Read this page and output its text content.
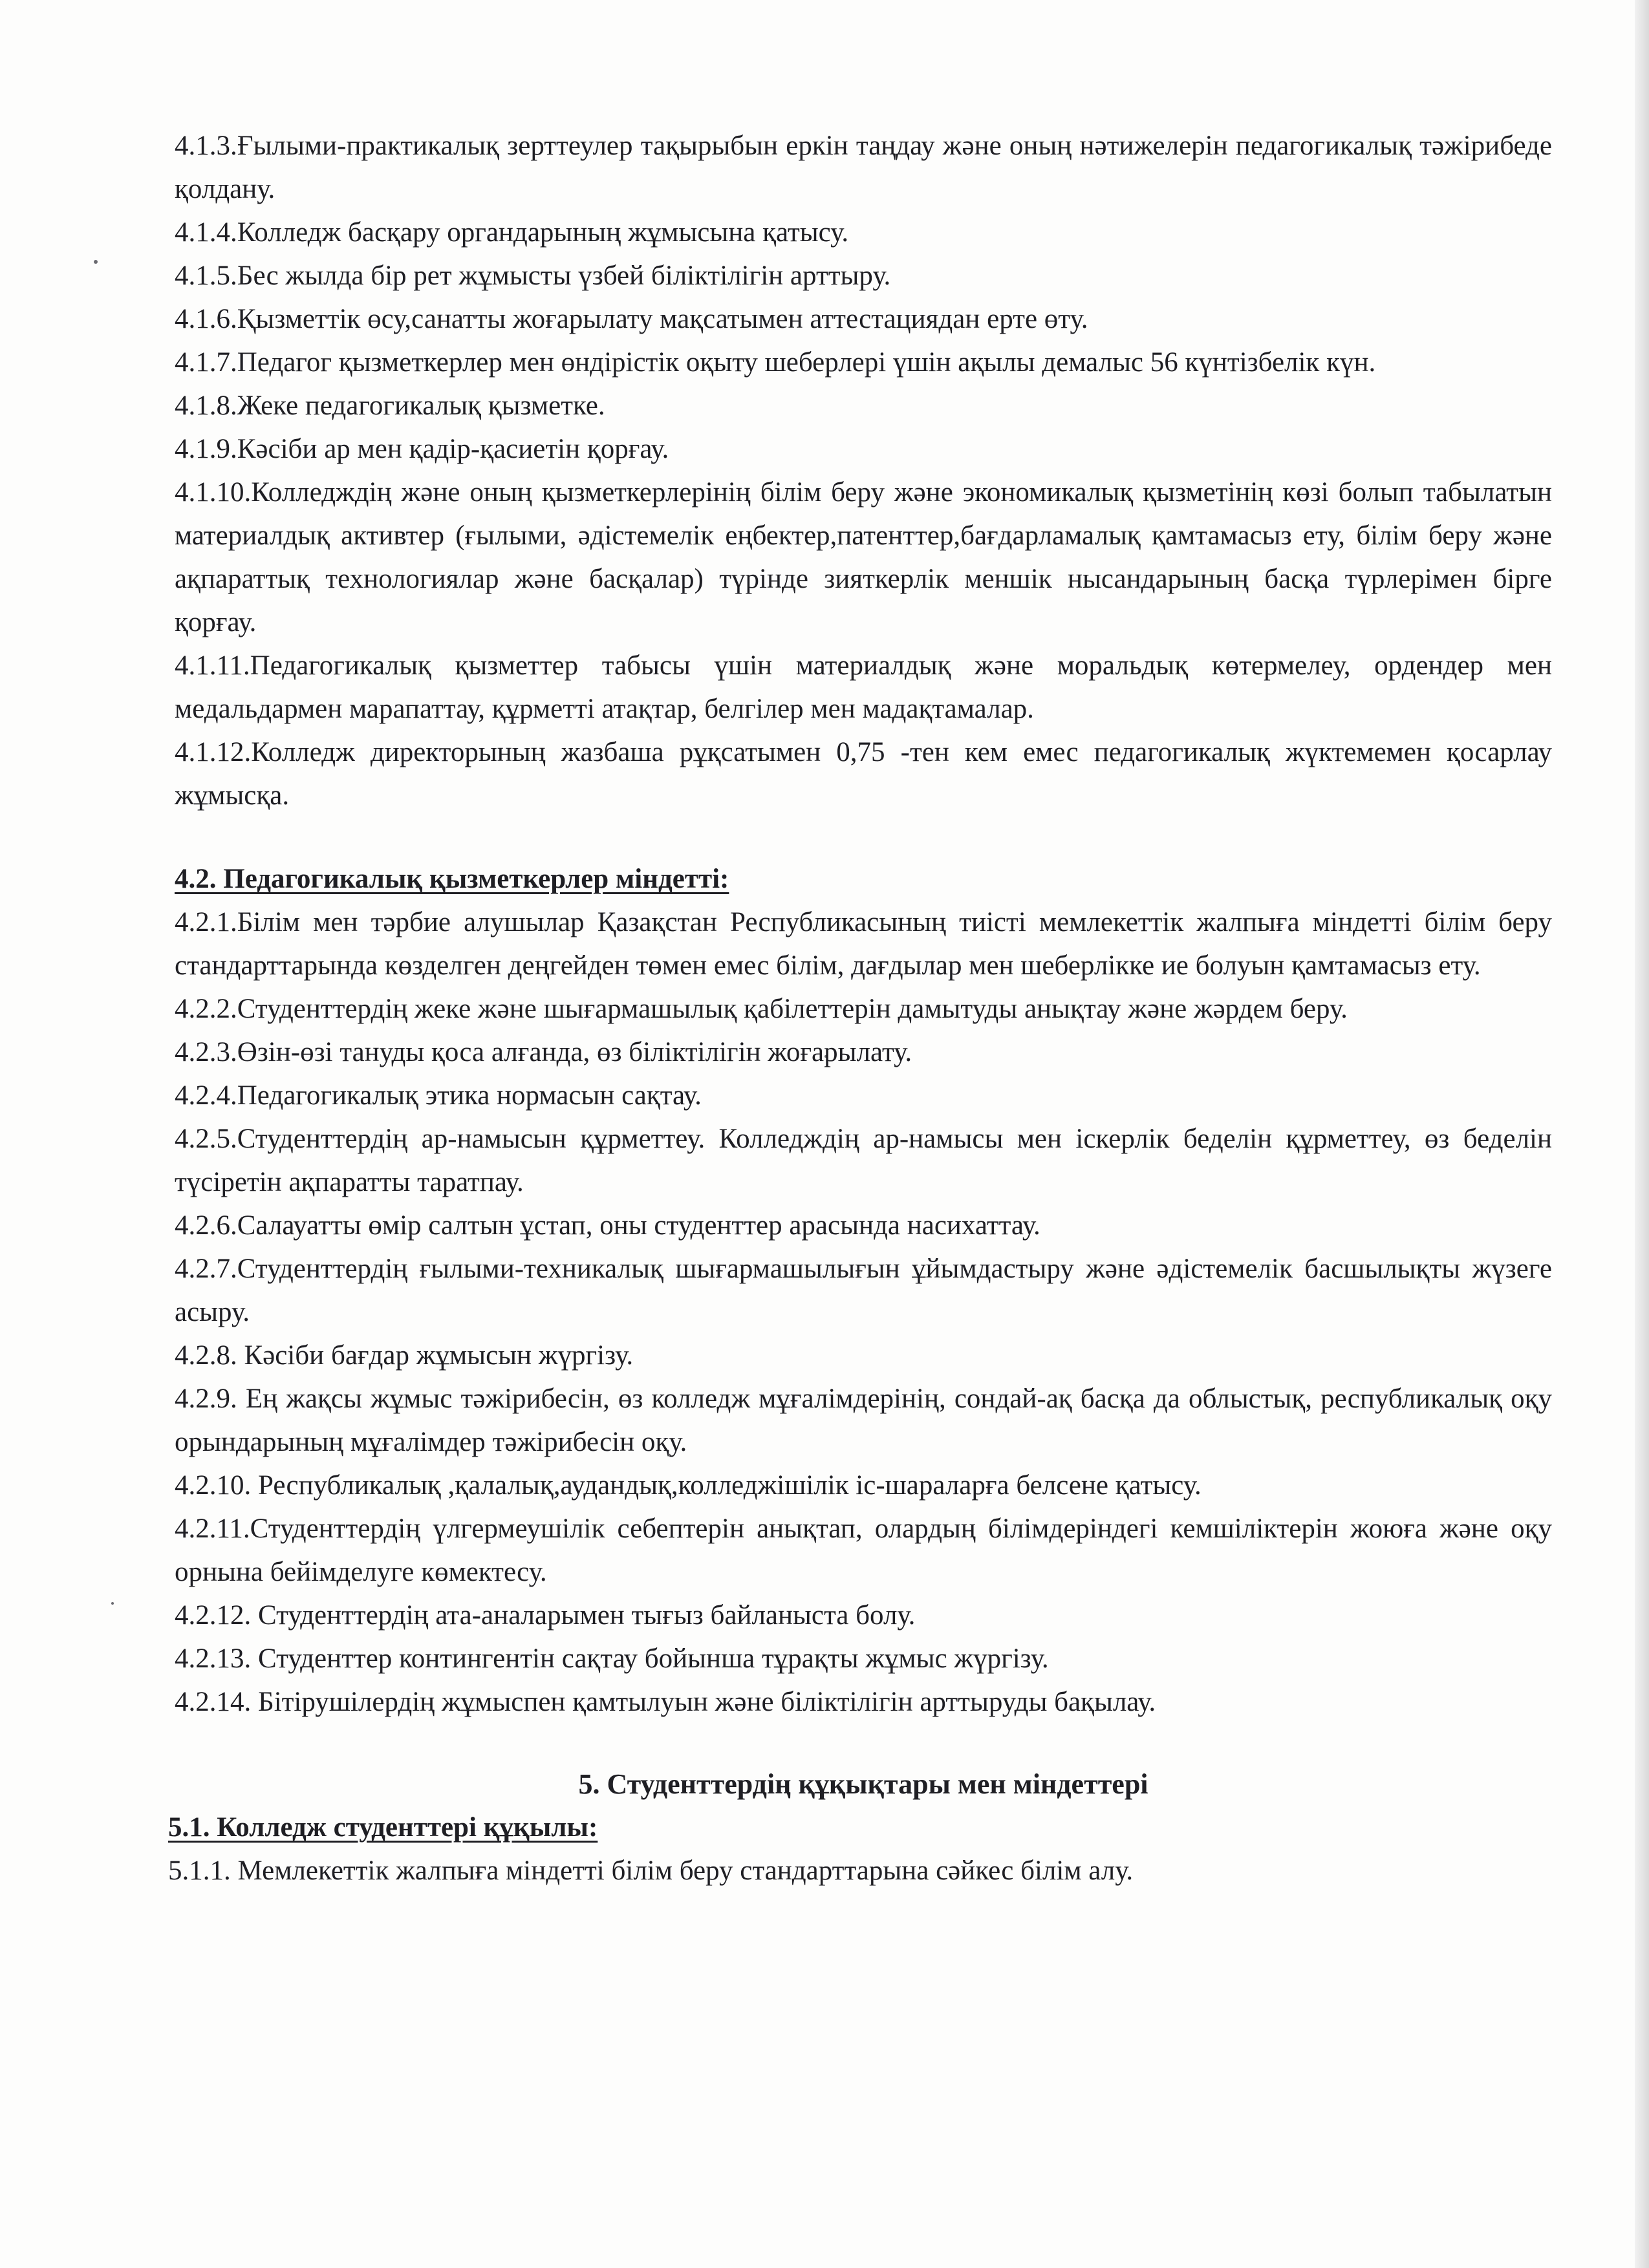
4.1.3.Ғылыми-практикалық зерттеулер тақырыбын еркін таңдау және оның нәтижелерін педагогикалық тәжірибеде қолдану.

4.1.4.Колледж басқару органдарының жұмысына қатысу.

4.1.5.Бес жылда бір рет жұмысты үзбей біліктілігін арттыру.

4.1.6.Қызметтік өсу,санатты жоғарылату мақсатымен аттестациядан ерте өту.

4.1.7.Педагог қызметкерлер мен өндірістік оқыту шеберлері үшін ақылы демалыс 56 күнтізбелік күн.

4.1.8.Жеке педагогикалық қызметке.

4.1.9.Кәсіби ар мен қадір-қасиетін қорғау.

4.1.10.Колледждің және оның қызметкерлерінің білім беру және экономикалық қызметінің көзі болып табылатын материалдық активтер (ғылыми, әдістемелік еңбектер,патенттер,бағдарламалық қамтамасыз ету, білім беру және ақпараттық технологиялар және басқалар) түрінде зияткерлік меншік нысандарының басқа түрлерімен бірге қорғау.

4.1.11.Педагогикалық қызметтер табысы үшін материалдық және моральдық көтермелеу, ордендер мен медальдармен марапаттау, құрметті атақтар, белгілер мен мадақтамалар.

4.1.12.Колледж директорының жазбаша рұқсатымен 0,75 -тен кем емес педагогикалық жүктемемен қосарлау жұмысқа.

4.2. Педагогикалық қызметкерлер міндетті:

4.2.1.Білім мен тәрбие алушылар Қазақстан Республикасының тиісті мемлекеттік жалпыға міндетті білім беру стандарттарында көзделген деңгейден төмен емес білім, дағдылар мен шеберлікке ие болуын қамтамасыз ету.

4.2.2.Студенттердің жеке және шығармашылық қабілеттерін дамытуды анықтау және жәрдем беру.

4.2.3.Өзін-өзі тануды қоса алғанда, өз біліктілігін жоғарылату.

4.2.4.Педагогикалық этика нормасын сақтау.

4.2.5.Студенттердің ар-намысын құрметтеу. Колледждің ар-намысы мен іскерлік беделін құрметтеу, өз беделін түсіретін ақпаратты таратпау.

4.2.6.Салауатты өмір салтын ұстап, оны студенттер арасында насихаттау.

4.2.7.Студенттердің ғылыми-техникалық шығармашылығын ұйымдастыру және әдістемелік басшылықты жүзеге асыру.

4.2.8. Кәсіби бағдар жұмысын жүргізу.

4.2.9. Ең жақсы жұмыс тәжірибесін, өз колледж мұғалімдерінің, сондай-ақ басқа да облыстық, республикалық оқу орындарының мұғалімдер тәжірибесін оқу.

4.2.10. Республикалық ,қалалық,аудандық,колледжішілік іс-шараларға белсене қатысу.

4.2.11.Студенттердің үлгермеушілік себептерін анықтап, олардың білімдеріндегі кемшіліктерін жоюға және оқу орнына бейімделуге көмектесу.

4.2.12. Студенттердің ата-аналарымен тығыз байланыста болу.

4.2.13. Студенттер контингентін сақтау бойынша тұрақты жұмыс жүргізу.

4.2.14. Бітірушілердің жұмыспен қамтылуын және біліктілігін арттыруды бақылау.

5. Студенттердің құқықтары мен міндеттері
5.1. Колледж студенттері құқылы:

5.1.1. Мемлекеттік жалпыға міндетті білім беру стандарттарына сәйкес білім алу.
